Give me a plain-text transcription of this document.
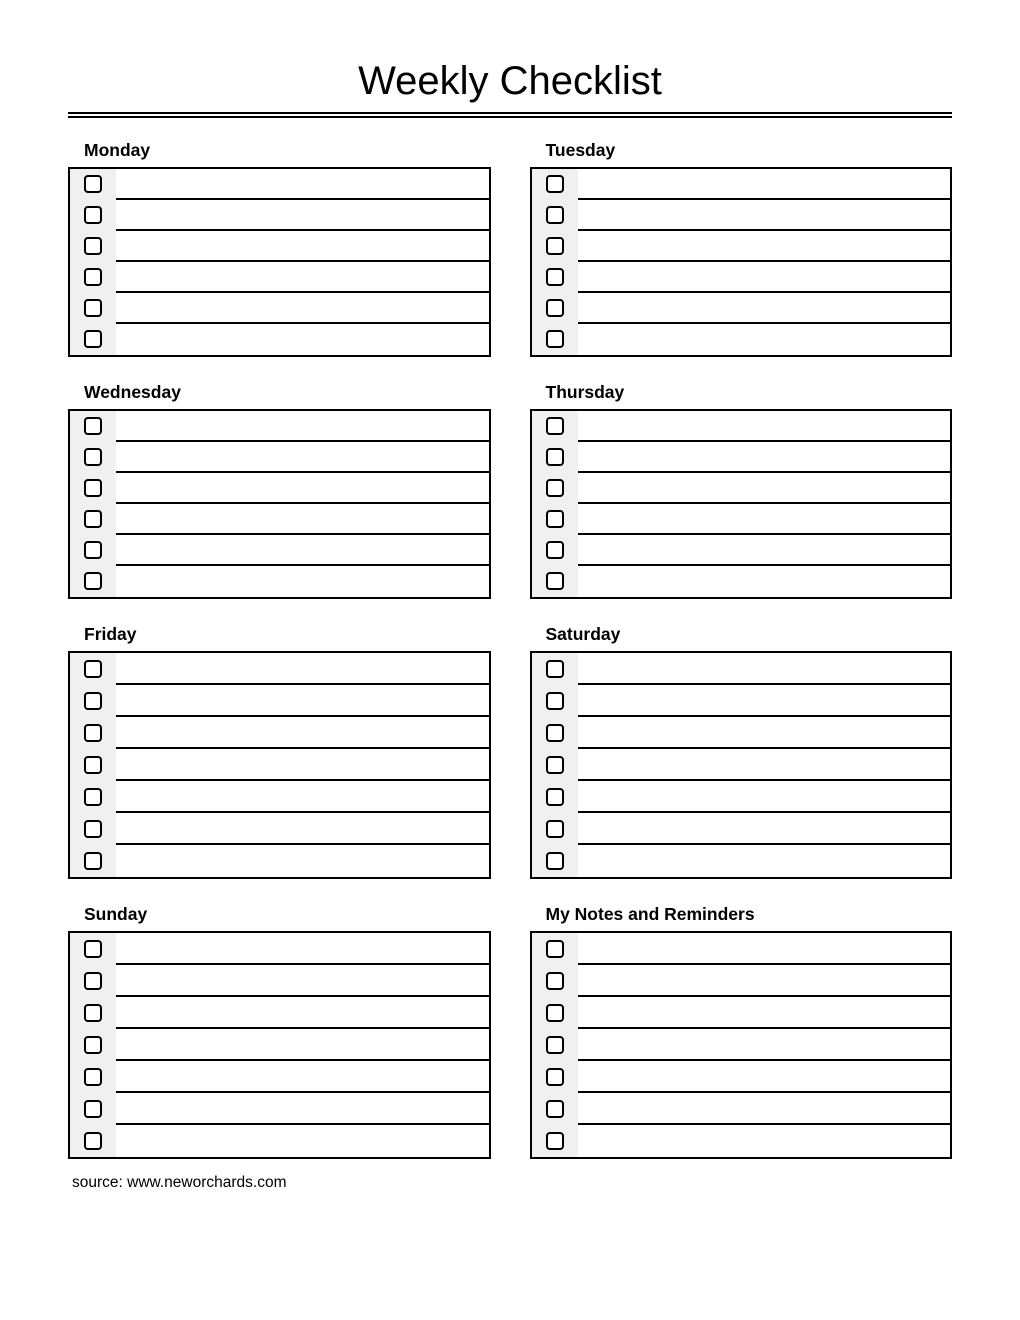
Weekly Checklist
Monday	Tuesday
Wednesday	Thursday
Friday	Saturday
Sunday	My Notes and Reminders

source: www.neworchards.com
